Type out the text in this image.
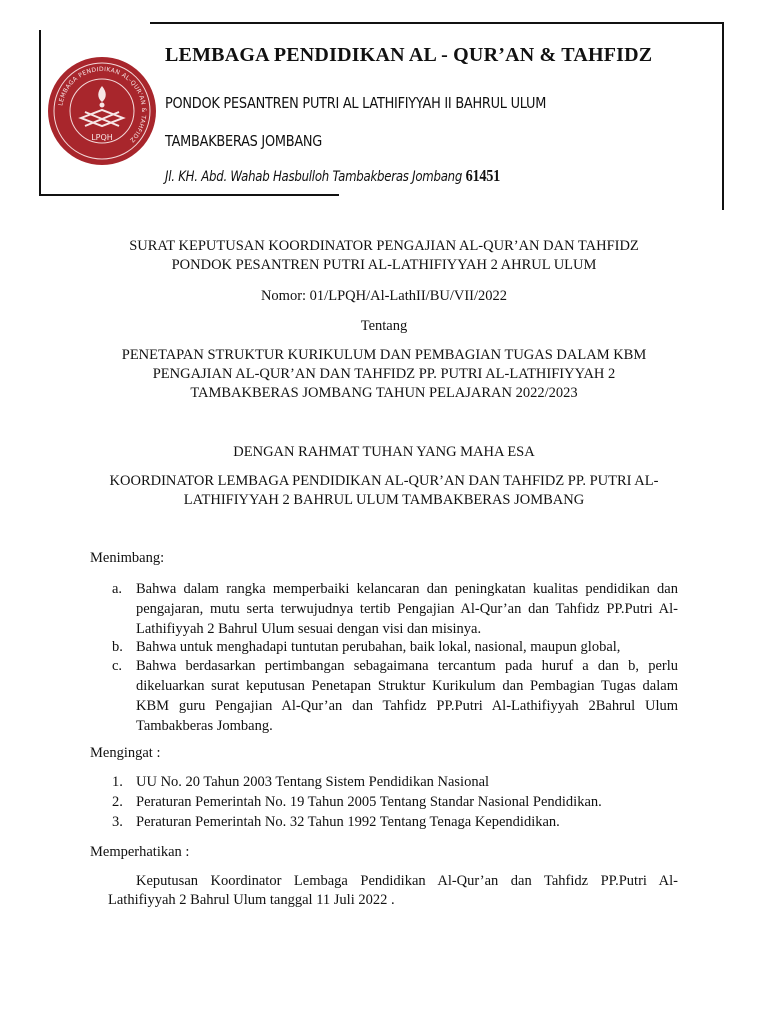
LEMBAGA PENDIDIKAN AL-QUR'AN & TAHFIDZ
LPQH
LEMBAGA PENDIDIKAN AL - QUR’AN & TAHFIDZ
PONDOK PESANTREN PUTRI AL LATHIFIYYAH II BAHRUL ULUM
TAMBAKBERAS JOMBANG
Jl. KH. Abd. Wahab Hasbulloh Tambakberas Jombang 61451
SURAT KEPUTUSAN KOORDINATOR PENGAJIAN AL-QUR’AN DAN TAHFIDZ
PONDOK PESANTREN PUTRI AL-LATHIFIYYAH 2 AHRUL ULUM
Nomor: 01/LPQH/Al-LathII/BU/VII/2022
Tentang
PENETAPAN STRUKTUR KURIKULUM DAN PEMBAGIAN TUGAS DALAM KBM
PENGAJIAN AL-QUR’AN DAN TAHFIDZ PP. PUTRI AL-LATHIFIYYAH 2
TAMBAKBERAS JOMBANG TAHUN PELAJARAN 2022/2023
DENGAN RAHMAT TUHAN YANG MAHA ESA
KOORDINATOR LEMBAGA PENDIDIKAN AL-QUR’AN DAN TAHFIDZ PP. PUTRI AL-
LATHIFIYYAH 2 BAHRUL ULUM TAMBAKBERAS JOMBANG
Menimbang:
a. Bahwa dalam rangka memperbaiki kelancaran dan peningkatan kualitas pendidikan dan pengajaran, mutu serta terwujudnya tertib Pengajian Al-Qur’an dan Tahfidz PP.Putri Al-Lathifiyyah 2 Bahrul Ulum sesuai dengan visi dan misinya.
b. Bahwa untuk menghadapi tuntutan perubahan, baik lokal, nasional, maupun global,
c. Bahwa berdasarkan pertimbangan sebagaimana tercantum pada huruf a dan b, perlu dikeluarkan surat keputusan Penetapan Struktur Kurikulum dan Pembagian Tugas dalam KBM guru Pengajian Al-Qur’an dan Tahfidz PP.Putri Al-Lathifiyyah 2Bahrul Ulum Tambakberas Jombang.
Mengingat :
1. UU No. 20 Tahun 2003 Tentang Sistem Pendidikan Nasional
2. Peraturan Pemerintah No. 19 Tahun 2005 Tentang Standar Nasional Pendidikan.
3. Peraturan Pemerintah No. 32 Tahun 1992 Tentang Tenaga Kependidikan.
Memperhatikan :
Keputusan Koordinator Lembaga Pendidikan Al-Qur’an dan Tahfidz PP.Putri Al-
Lathifiyyah 2 Bahrul Ulum tanggal 11 Juli 2022 .
